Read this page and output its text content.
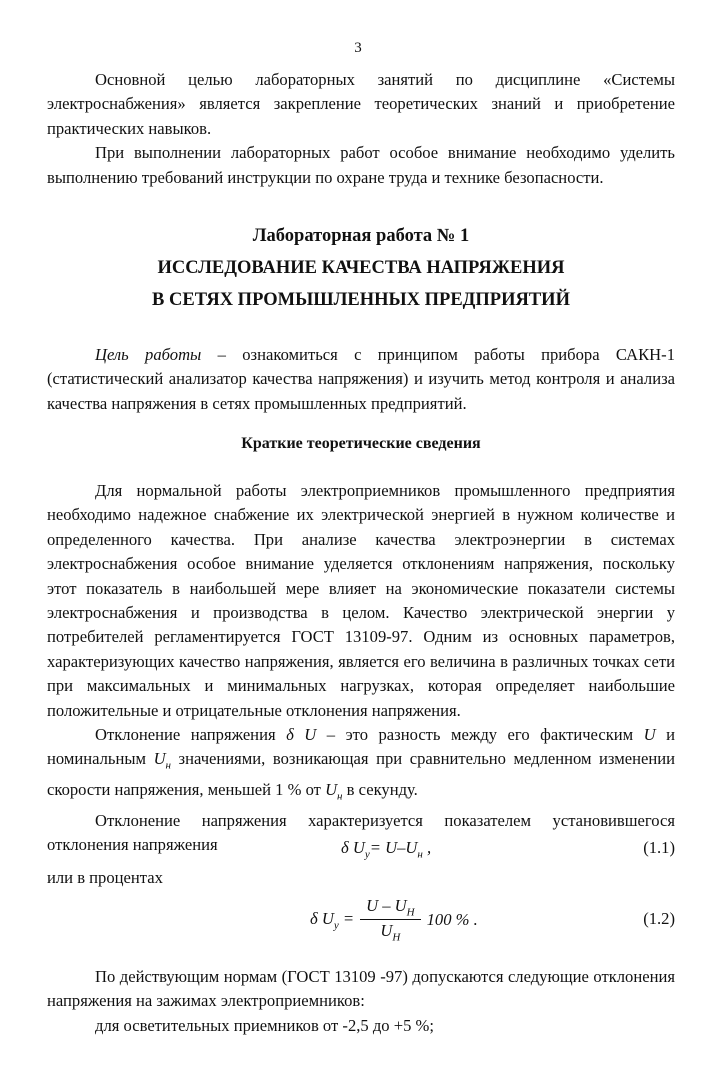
3

Основной целью лабораторных занятий по дисциплине «Системы электроснабжения» является закрепление теоретических знаний и приобретение практических навыков.

При выполнении лабораторных работ особое внимание необходимо уделить выполнению требований инструкции по охране труда и технике безопасности.

Лабораторная работа № 1
ИССЛЕДОВАНИЕ КАЧЕСТВА НАПРЯЖЕНИЯ
В СЕТЯХ ПРОМЫШЛЕННЫХ ПРЕДПРИЯТИЙ

Цель работы – ознакомиться с принципом работы прибора САКН-1 (статистический анализатор качества напряжения) и изучить метод контроля и анализа качества напряжения в сетях промышленных предприятий.

Краткие теоретические сведения

Для нормальной работы электроприемников промышленного предприятия необходимо надежное снабжение их электрической энергией в нужном количестве и определенного качества. При анализе качества электроэнергии в системах электроснабжения особое внимание уделяется отклонениям напряжения, поскольку этот показатель в наибольшей мере влияет на экономические показатели системы электроснабжения и производства в целом. Качество электрической энергии у потребителей регламентируется ГОСТ 13109-97. Одним из основных параметров, характеризующих качество напряжения, является его величина в различных точках сети при максимальных и минимальных нагрузках, которая определяет наибольшие положительные и отрицательные отклонения напряжения.

Отклонение напряжения δ U – это разность между его фактическим U и номинальным $U_н$ значениями, возникающая при сравнительно медленном изменении скорости напряжения, меньшей 1 % от $U_н$ в секунду.

Отклонение напряжения характеризуется показателем установившегося отклонения напряжения	δ $U_у= U-U_н$ ,	(1.1)

или в процентах

δ $U_у = \frac{U - U_Н}{U_Н} 100$ % .	(1.2)

По действующим нормам (ГОСТ 13109 -97) допускаются следующие отклонения напряжения на зажимах электроприемников:

для осветительных приемников от -2,5 до +5 %;
